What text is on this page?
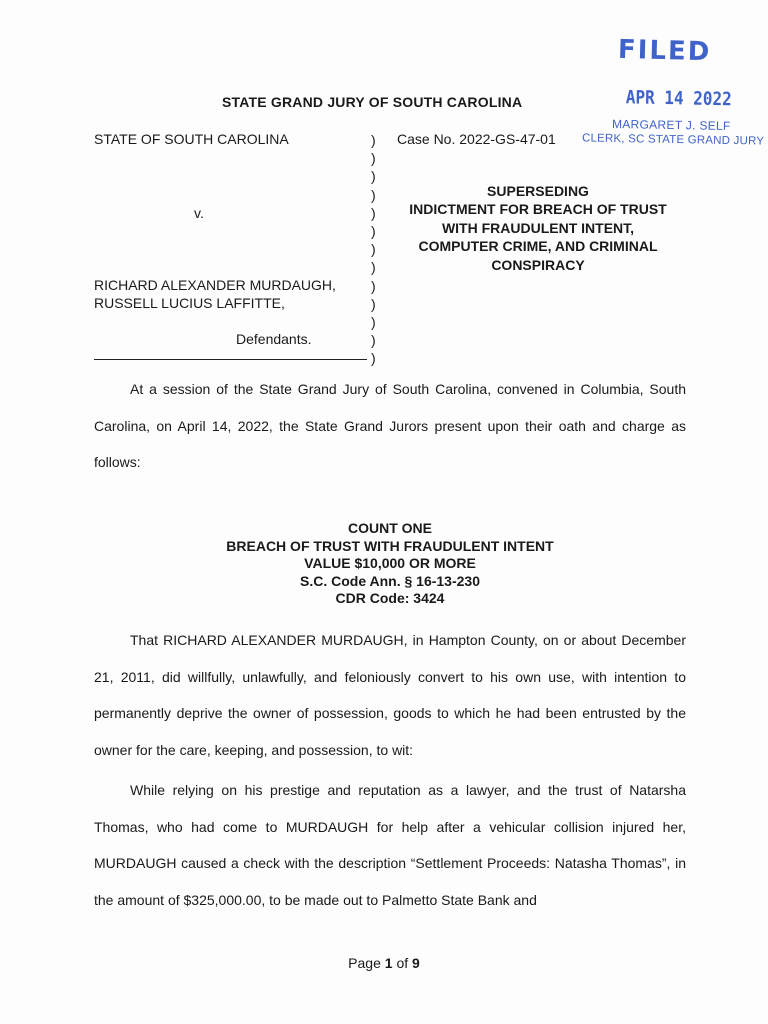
FILED
APR 14 2022
MARGARET J. SELF
CLERK, SC STATE GRAND JURY
STATE GRAND JURY OF SOUTH CAROLINA
STATE OF SOUTH CAROLINA
v.
RICHARD ALEXANDER MURDAUGH,
RUSSELL LUCIUS LAFFITTE,
Defendants.
)
)
)
)
)
)
)
)
)
)
)
)
)
Case No. 2022-GS-47-01
SUPERSEDING
INDICTMENT FOR BREACH OF TRUST
WITH FRAUDULENT INTENT,
COMPUTER CRIME, AND CRIMINAL
CONSPIRACY
At a session of the State Grand Jury of South Carolina, convened in Columbia, South Carolina, on April 14, 2022, the State Grand Jurors present upon their oath and charge as follows:
COUNT ONE
BREACH OF TRUST WITH FRAUDULENT INTENT
VALUE $10,000 OR MORE
S.C. Code Ann. § 16-13-230
CDR Code: 3424
That RICHARD ALEXANDER MURDAUGH, in Hampton County, on or about December 21, 2011, did willfully, unlawfully, and feloniously convert to his own use, with intention to permanently deprive the owner of possession, goods to which he had been entrusted by the owner for the care, keeping, and possession, to wit:
While relying on his prestige and reputation as a lawyer, and the trust of Natarsha Thomas, who had come to MURDAUGH for help after a vehicular collision injured her, MURDAUGH caused a check with the description “Settlement Proceeds: Natasha Thomas”, in the amount of $325,000.00, to be made out to Palmetto State Bank and
Page 1 of 9
